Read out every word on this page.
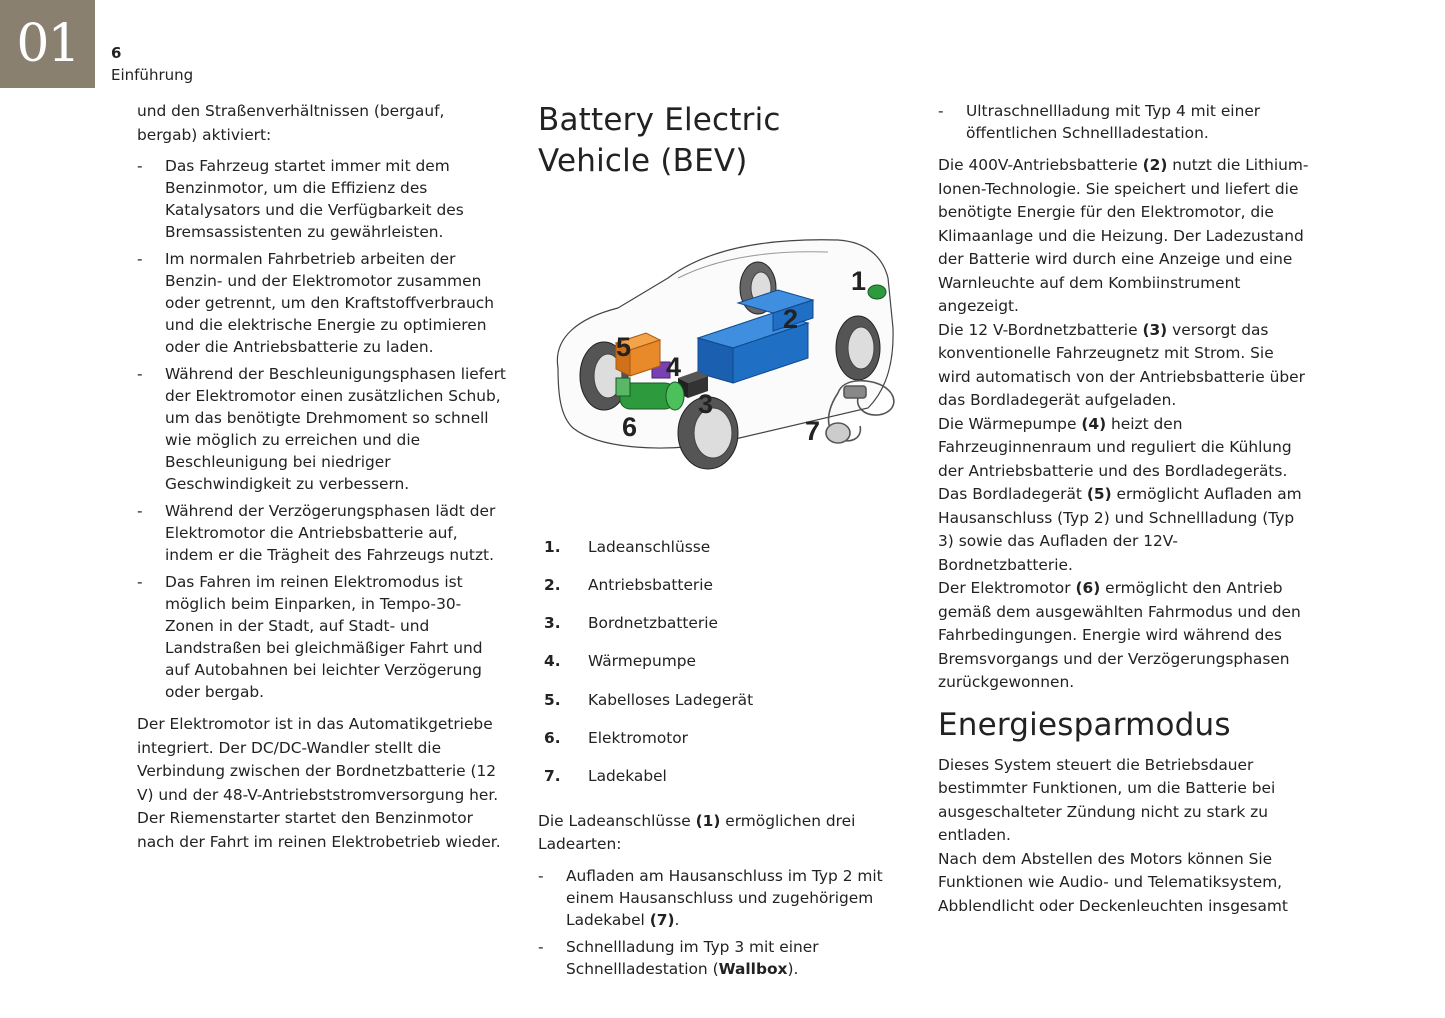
01	6
Einführung

und den Straßenverhältnissen (bergauf, bergab) aktiviert:

- Das Fahrzeug startet immer mit dem Benzinmotor, um die Effizienz des Katalysators und die Verfügbarkeit des Bremsassistenten zu gewährleisten.
- Im normalen Fahrbetrieb arbeiten der Benzin- und der Elektromotor zusammen oder getrennt, um den Kraftstoffverbrauch und die elektrische Energie zu optimieren oder die Antriebsbatterie zu laden.
- Während der Beschleunigungsphasen liefert der Elektromotor einen zusätzlichen Schub, um das benötigte Drehmoment so schnell wie möglich zu erreichen und die Beschleunigung bei niedriger Geschwindigkeit zu verbessern.
- Während der Verzögerungsphasen lädt der Elektromotor die Antriebsbatterie auf, indem er die Trägheit des Fahrzeugs nutzt.
- Das Fahren im reinen Elektromodus ist möglich beim Einparken, in Tempo-30-Zonen in der Stadt, auf Stadt- und Landstraßen bei gleichmäßiger Fahrt und auf Autobahnen bei leichter Verzögerung oder bergab.

Der Elektromotor ist in das Automatikgetriebe integriert. Der DC/DC-Wandler stellt die Verbindung zwischen der Bordnetzbatterie (12 V) und der 48-V-Antriebststromversorgung her. Der Riemenstarter startet den Benzinmotor nach der Fahrt im reinen Elektrobetrieb wieder.

Battery Electric Vehicle (BEV)
1
2
3
4
5
6	7
1.	Ladeanschlüsse
2.	Antriebsbatterie
3.	Bordnetzbatterie
4.	Wärmepumpe
5.	Kabelloses Ladegerät
6.	Elektromotor
7.	Ladekabel

Die Ladeanschlüsse (1) ermöglichen drei Ladearten:

- Aufladen am Hausanschluss im Typ 2 mit einem Hausanschluss und zugehörigem Ladekabel (7).
- Schnellladung im Typ 3 mit einer Schnellladestation (Wallbox).
- Ultraschnellladung mit Typ 4 mit einer öffentlichen Schnellladestation.

Die 400V-Antriebsbatterie (2) nutzt die Lithium-Ionen-Technologie. Sie speichert und liefert die benötigte Energie für den Elektromotor, die Klimaanlage und die Heizung. Der Ladezustand der Batterie wird durch eine Anzeige und eine Warnleuchte auf dem Kombiinstrument angezeigt.

Die 12 V-Bordnetzbatterie (3) versorgt das konventionelle Fahrzeugnetz mit Strom. Sie wird automatisch von der Antriebsbatterie über das Bordladegerät aufgeladen.

Die Wärmepumpe (4) heizt den Fahrzeuginnenraum und reguliert die Kühlung der Antriebsbatterie und des Bordladegeräts.

Das Bordladegerät (5) ermöglicht Aufladen am Hausanschluss (Typ 2) und Schnellladung (Typ 3) sowie das Aufladen der 12V-Bordnetzbatterie.

Der Elektromotor (6) ermöglicht den Antrieb gemäß dem ausgewählten Fahrmodus und den Fahrbedingungen. Energie wird während des Bremsvorgangs und der Verzögerungsphasen zurückgewonnen.

Energiesparmodus

Dieses System steuert die Betriebsdauer bestimmter Funktionen, um die Batterie bei ausgeschalteter Zündung nicht zu stark zu entladen.

Nach dem Abstellen des Motors können Sie Funktionen wie Audio- und Telematiksystem, Abblendlicht oder Deckenleuchten insgesamt
